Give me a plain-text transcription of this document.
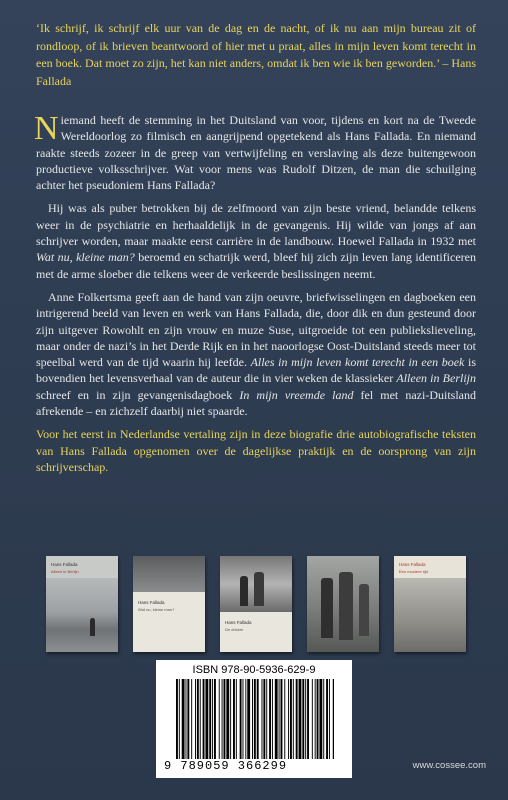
‘Ik schrijf, ik schrijf elk uur van de dag en de nacht, of ik nu aan mijn bureau zit of rondloop, of ik brieven beantwoord of hier met u praat, alles in mijn leven komt terecht in een boek. Dat moet zo zijn, het kan niet anders, omdat ik ben wie ik ben geworden.’ – Hans Fallada

Niemand heeft de stemming in het Duitsland van voor, tijdens en kort na de Tweede Wereldoorlog zo filmisch en aangrijpend opgetekend als Hans Fallada. En niemand raakte steeds zozeer in de greep van vertwijfeling en verslaving als deze buitengewoon productieve volksschrijver. Wat voor mens was Rudolf Ditzen, de man die schuilging achter het pseudoniem Hans Fallada?

Hij was als puber betrokken bij de zelfmoord van zijn beste vriend, belandde telkens weer in de psychiatrie en herhaaldelijk in de gevangenis. Hij wilde van jongs af aan schrijver worden, maar maakte eerst carrière in de landbouw. Hoewel Fallada in 1932 met Wat nu, kleine man? beroemd en schatrijk werd, bleef hij zich zijn leven lang identificeren met de arme sloeber die telkens weer de verkeerde beslissingen neemt.

Anne Folkertsma geeft aan de hand van zijn oeuvre, briefwisselingen en dagboeken een intrigerend beeld van leven en werk van Hans Fallada, die, door dik en dun gesteund door zijn uitgever Rowohlt en zijn vrouw en muze Suse, uitgroeide tot een publiekslieveling, maar onder de nazi’s in het Derde Rijk en in het naoorlogse Oost-Duitsland steeds meer tot speelbal werd van de tijd waarin hij leefde. Alles in mijn leven komt terecht in een boek is bovendien het levensverhaal van de auteur die in vier weken de klassieker Alleen in Berlijn schreef en in zijn gevangenisdagboek In mijn vreemde land fel met nazi-Duitsland afrekende – en zichzelf daarbij niet spaarde.

Voor het eerst in Nederlandse vertaling zijn in deze biografie drie autobiografische teksten van Hans Fallada opgenomen over de dagelijkse praktijk en de oorsprong van zijn schrijverschap.

Hans Fallada
Alleen in Berlijn
Hans Fallada
Wat nu, kleine man?
Hans Fallada
De drinker
Hans Fallada
Een mooiere tijd
ISBN 978-90-5936-629-9
9 789059 366299	www.cossee.com
